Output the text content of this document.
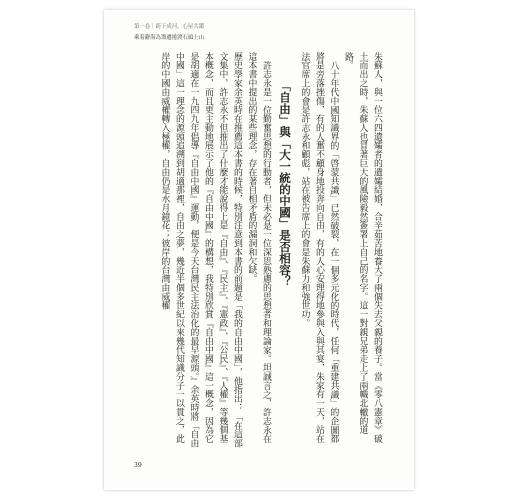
第一卷｜跨下成河，心屋共鑑
乘着辭海為籌遷捲渡石頭上山

朱蘇人，與一位六四遺孀者的遺孀結婚，合辛茹苦地養大了兩個失去父親的養子。當《零八憲章》破土而出之時，朱蘇人也冒著巨大的風險毅然簽署上自己的名字。這一對親兄弟走上了兩幟北轍的道路。

八十年代中國知識界的「啓蒙共識」已然破裂，在一個多元化的時代，任何「重建共識」的企圖都將是旁落挫傷，有的人奮不顧身地投奔向自由，有的人心安理得地參與入與其宴，朱家有一天，站在法官席上的會是許志永和顧彪，站在被告席上的會是朱蘇力和強世功。

「自由」與「大一統的中國」是否相容？

許志永是一位勤奮思想的行動者，但未必是一位深思熟慮的思想者和理論家。坦誠言之，許志永在這本書中提出的某些理念，存在著自相矛盾的漏洞和欠缺。

歷史學家余英時在推薦這本書的時候，特別注意到本書的前題是「我的自由中國」，他指出：「在這部文集中，許志永不但推出了什麼才能說得上是『自由』、『民主』、『憲政』、『公民』、『人權』等幾個基本概念，而且更主動地展示了他的『自由中國』的構想，我特別欣賞『自由中國』這一概念，因為它是胡適在一九四九年倡導『自由中國』運動，便是今天台灣民主法治化的最早源頭。』余英時將「自由中國」這一理念的源頭追溯到胡適那裡，自由之夢，幾近半個多世紀以來幾代知識分子一以貫之，此岸的中國由威權轉入極權，自由仍是水月鏡花；彼岸的台灣由威權

39
